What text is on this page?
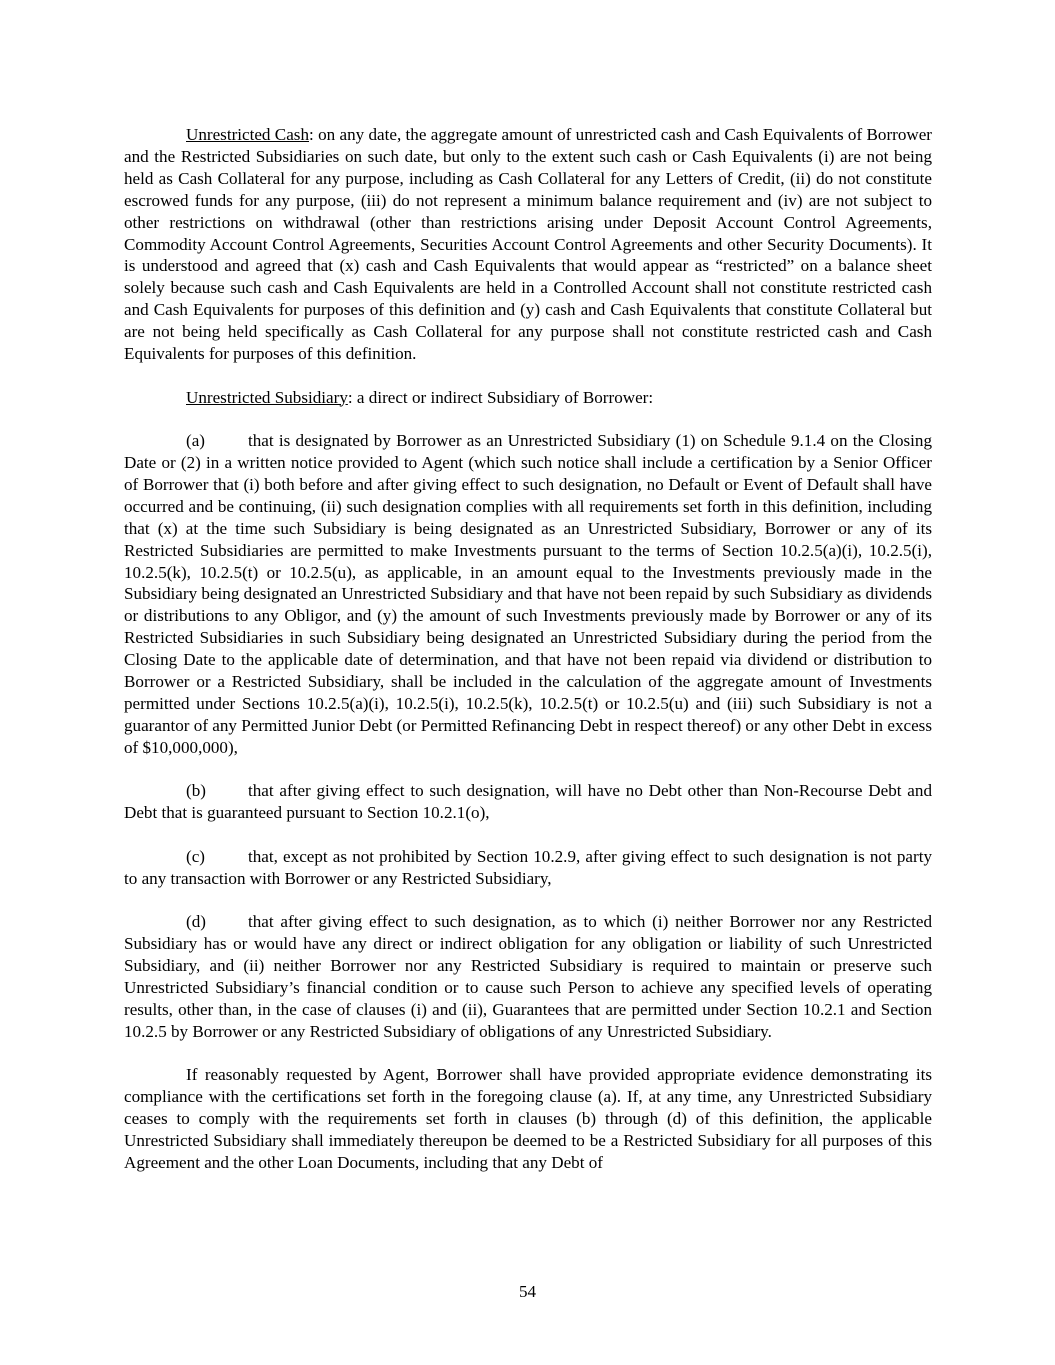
Unrestricted Cash: on any date, the aggregate amount of unrestricted cash and Cash Equivalents of Borrower and the Restricted Subsidiaries on such date, but only to the extent such cash or Cash Equivalents (i) are not being held as Cash Collateral for any purpose, including as Cash Collateral for any Letters of Credit, (ii) do not constitute escrowed funds for any purpose, (iii) do not represent a minimum balance requirement and (iv) are not subject to other restrictions on withdrawal (other than restrictions arising under Deposit Account Control Agreements, Commodity Account Control Agreements, Securities Account Control Agreements and other Security Documents). It is understood and agreed that (x) cash and Cash Equivalents that would appear as “restricted” on a balance sheet solely because such cash and Cash Equivalents are held in a Controlled Account shall not constitute restricted cash and Cash Equivalents for purposes of this definition and (y) cash and Cash Equivalents that constitute Collateral but are not being held specifically as Cash Collateral for any purpose shall not constitute restricted cash and Cash Equivalents for purposes of this definition.

Unrestricted Subsidiary: a direct or indirect Subsidiary of Borrower:

(a)	that is designated by Borrower as an Unrestricted Subsidiary (1) on Schedule 9.1.4 on the Closing Date or (2) in a written notice provided to Agent (which such notice shall include a certification by a Senior Officer of Borrower that (i) both before and after giving effect to such designation, no Default or Event of Default shall have occurred and be continuing, (ii) such designation complies with all requirements set forth in this definition, including that (x) at the time such Subsidiary is being designated as an Unrestricted Subsidiary, Borrower or any of its Restricted Subsidiaries are permitted to make Investments pursuant to the terms of Section 10.2.5(a)(i), 10.2.5(i), 10.2.5(k), 10.2.5(t) or 10.2.5(u), as applicable, in an amount equal to the Investments previously made in the Subsidiary being designated an Unrestricted Subsidiary and that have not been repaid by such Subsidiary as dividends or distributions to any Obligor, and (y) the amount of such Investments previously made by Borrower or any of its Restricted Subsidiaries in such Subsidiary being designated an Unrestricted Subsidiary during the period from the Closing Date to the applicable date of determination, and that have not been repaid via dividend or distribution to Borrower or a Restricted Subsidiary, shall be included in the calculation of the aggregate amount of Investments permitted under Sections 10.2.5(a)(i), 10.2.5(i), 10.2.5(k), 10.2.5(t) or 10.2.5(u) and (iii) such Subsidiary is not a guarantor of any Permitted Junior Debt (or Permitted Refinancing Debt in respect thereof) or any other Debt in excess of $10,000,000),

(b) that after giving effect to such designation, will have no Debt other than Non-Recourse Debt and Debt that is guaranteed pursuant to Section 10.2.1(o),

(c)	that, except as not prohibited by Section 10.2.9, after giving effect to such designation is not party to any transaction with Borrower or any Restricted Subsidiary,

(d) that after giving effect to such designation, as to which (i) neither Borrower nor any Restricted Subsidiary has or would have any direct or indirect obligation for any obligation or liability of such Unrestricted Subsidiary, and (ii) neither Borrower nor any Restricted Subsidiary is required to maintain or preserve such Unrestricted Subsidiary’s financial condition or to cause such Person to achieve any specified levels of operating results, other than, in the case of clauses (i) and (ii), Guarantees that are permitted under Section 10.2.1 and Section 10.2.5 by Borrower or any Restricted Subsidiary of obligations of any Unrestricted Subsidiary.

If reasonably requested by Agent, Borrower shall have provided appropriate evidence demonstrating its compliance with the certifications set forth in the foregoing clause (a). If, at any time, any Unrestricted Subsidiary ceases to comply with the requirements set forth in clauses (b) through (d) of this definition, the applicable Unrestricted Subsidiary shall immediately thereupon be deemed to be a Restricted Subsidiary for all purposes of this Agreement and the other Loan Documents, including that any Debt of

54
